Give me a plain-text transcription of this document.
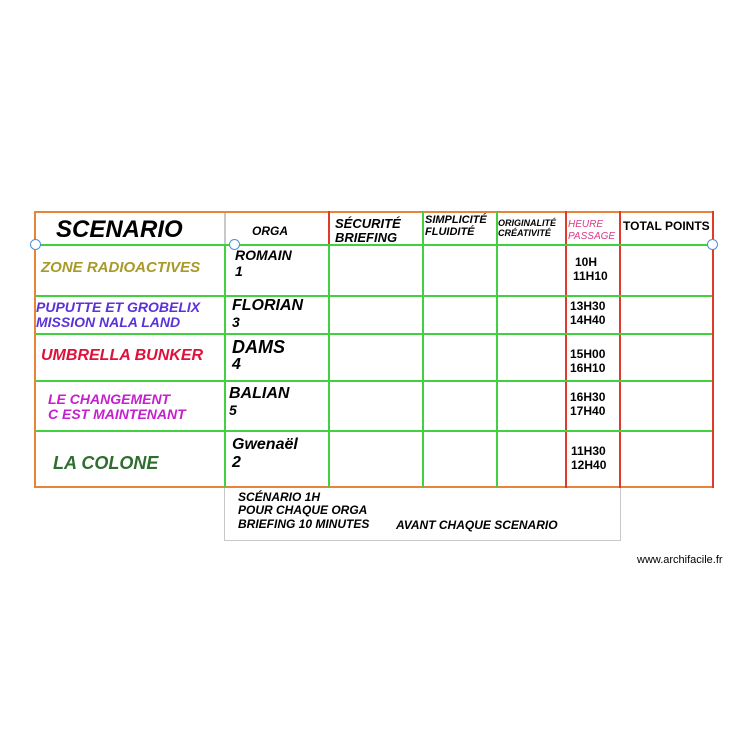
SCENARIO	ORGA	SÉCURITÉ
BRIEFING
SIMPLICITÉ
FLUIDITÉ
ORIGINALITÉ
CRÉATIVITÉ
HEURE
PASSAGE
TOTAL POINTS
ZONE RADIOACTIVES
ROMAIN
1
10H
11H10
PUPUTTE ET GROBELIX
MISSION NALA LAND
FLORIAN
3
13H30
14H40
UMBRELLA BUNKER DAMS
4
15H00
16H10
LE CHANGEMENT
C EST MAINTENANT
BALIAN
5
16H30
17H40
LA COLONE
Gwenaël
2
11H30
12H40
SCÉNARIO 1H
POUR CHAQUE ORGA
BRIEFING 10 MINUTES AVANT CHAQUE SCENARIO
www.archifacile.fr
